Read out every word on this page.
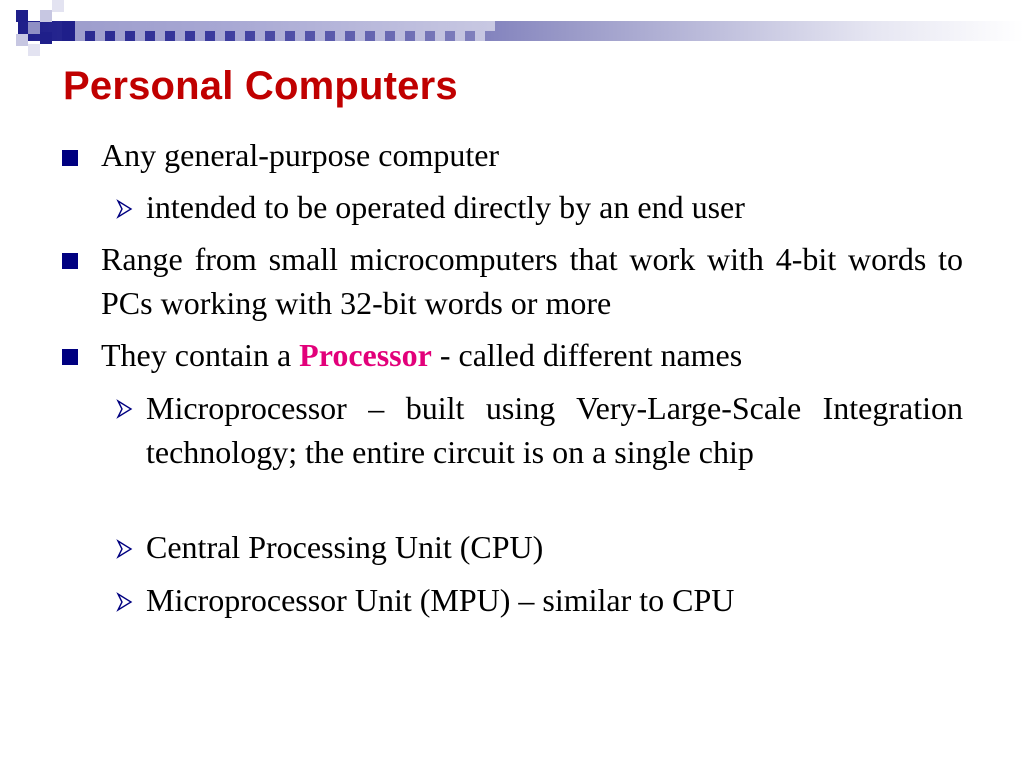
Personal Computers
Any general-purpose computer
intended to be operated directly by an end user
Range from small microcomputers that work with 4-bit words to PCs working with 32-bit words or more
They contain a Processor - called different names
Microprocessor – built using Very-Large-Scale Integration technology; the entire circuit is on a single chip
Central Processing Unit (CPU)
Microprocessor Unit (MPU) – similar to CPU
